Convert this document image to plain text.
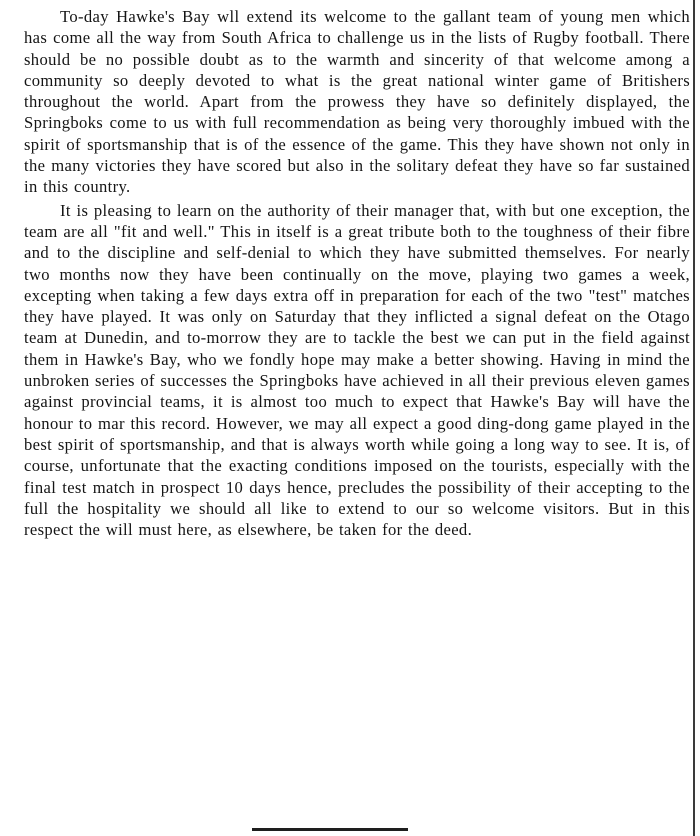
To-day Hawke's Bay wll extend its welcome to the gallant team of young men which has come all the way from South Africa to challenge us in the lists of Rugby football. There should be no possible doubt as to the warmth and sincerity of that welcome among a community so deeply devoted to what is the great national winter game of Britishers throughout the world. Apart from the prowess they have so definitely displayed, the Springboks come to us with full recommendation as being very thoroughly imbued with the spirit of sportsmanship that is of the essence of the game. This they have shown not only in the many victories they have scored but also in the solitary defeat they have so far sustained in this country.

It is pleasing to learn on the authority of their manager that, with but one exception, the team are all "fit and well." This in itself is a great tribute both to the toughness of their fibre and to the discipline and self-denial to which they have submitted themselves. For nearly two months now they have been continually on the move, playing two games a week, excepting when taking a few days extra off in preparation for each of the two "test" matches they have played. It was only on Saturday that they inflicted a signal defeat on the Otago team at Dunedin, and to-morrow they are to tackle the best we can put in the field against them in Hawke's Bay, who we fondly hope may make a better showing. Having in mind the unbroken series of successes the Springboks have achieved in all their previous eleven games against provincial teams, it is almost too much to expect that Hawke's Bay will have the honour to mar this record. However, we may all expect a good ding-dong game played in the best spirit of sportsmanship, and that is always worth while going a long way to see. It is, of course, unfortunate that the exacting conditions imposed on the tourists, especially with the final test match in prospect 10 days hence, precludes the possibility of their accepting to the full the hospitality we should all like to extend to our so welcome visitors. But in this respect the will must here, as elsewhere, be taken for the deed.
